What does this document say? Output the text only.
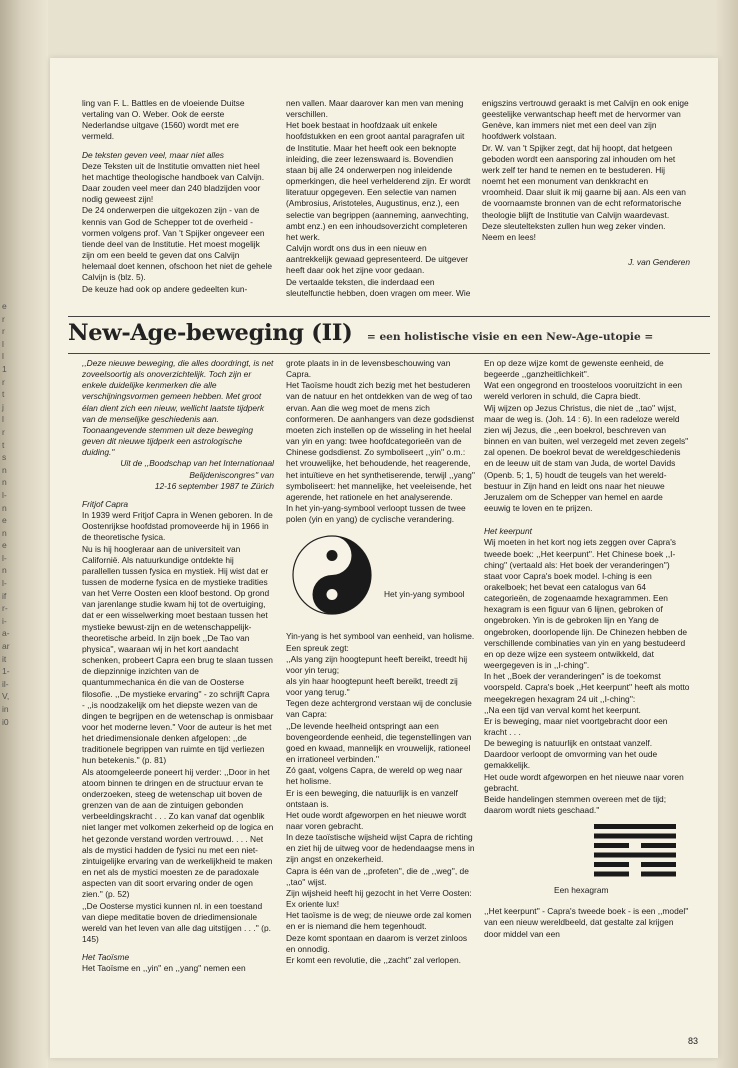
e
r
r
l
l
1
r
t
j
l
r
t
s
n
n
l-
n
e
n
e
l-
n
l-
if
r-
i-
a-
ar
it
1-
il-
V,
in
i0

ling van F. L. Battles en de vloeiende Duitse vertaling van O. Weber. Ook de eerste Nederlandse uitgave (1560) wordt met ere vermeld.

De teksten geven veel, maar niet alles

Deze Teksten uit de Institutie omvatten niet heel het machtige theologische handboek van Calvijn. Daar zouden veel meer dan 240 bladzijden voor nodig geweest zijn!

De 24 onderwerpen die uitgekozen zijn - van de kennis van God de Schepper tot de overheid - vormen volgens prof. Van 't Spijker ongeveer een tiende deel van de Institutie. Het moest mogelijk zijn om een beeld te geven dat ons Calvijn helemaal doet kennen, ofschoon het niet de gehele Calvijn is (blz. 5).

De keuze had ook op andere gedeelten kun-

nen vallen. Maar daarover kan men van mening verschillen.

Het boek bestaat in hoofdzaak uit enkele hoofdstukken en een groot aantal paragrafen uit de Institutie. Maar het heeft ook een beknopte inleiding, die zeer lezenswaard is. Bovendien staan bij alle 24 onderwerpen nog inleidende opmerkingen, die heel verhelderend zijn. Er wordt literatuur opgegeven. Een selectie van namen (Ambrosius, Aristoteles, Augustinus, enz.), een selectie van begrippen (aanneming, aanvechting, ambt enz.) en een inhoudsoverzicht completeren het werk.

Calvijn wordt ons dus in een nieuw en aantrekkelijk gewaad gepresenteerd. De uitgever heeft daar ook het zijne voor gedaan.

De vertaalde teksten, die inderdaad een sleutelfunctie hebben, doen vragen om meer. Wie

enigszins vertrouwd geraakt is met Calvijn en ook enige geestelijke verwantschap heeft met de hervormer van Genève, kan immers niet met een deel van zijn hoofdwerk volstaan.

Dr. W. van 't Spijker zegt, dat hij hoopt, dat hetgeen geboden wordt een aansporing zal inhouden om het werk zelf ter hand te nemen en te bestuderen. Hij noemt het een monument van denkkracht en vroomheid. Daar sluit ik mij gaarne bij aan. Als een van de voornaamste bronnen van de echt reformatorische theologie blijft de Institutie van Calvijn waardevast.

Deze sleutelteksten zullen hun weg zeker vinden. Neem en lees!

J. van Genderen
New-Age-beweging (II) = een holistische visie en een New-Age-utopie =

,,Deze nieuwe beweging, die alles doordringt, is net zoveelsoortig als onoverzichtelijk. Toch zijn er enkele duidelijke kenmerken die alle verschijningsvormen gemeen hebben. Met groot élan dient zich een nieuw, wellicht laatste tijdperk van de menselijke geschiedenis aan. Toonaangevende stemmen uit deze beweging geven dit nieuwe tijdperk een astrologische duiding.''

Uit de ,,Boodschap van het Internationaal Belijdeniscongres'' van

12-16 september 1987 te Zürich

Fritjof Capra

In 1939 werd Fritjof Capra in Wenen geboren. In de Oostenrijkse hoofdstad promoveerde hij in 1966 in de theoretische fysica.

Nu is hij hoogleraar aan de universiteit van Californië. Als natuurkundige ontdekte hij parallellen tussen fysica en mystiek. Hij wist dat er tussen de moderne fysica en de mystieke tradities van het Verre Oosten een kloof bestond. Op grond van jarenlange studie kwam hij tot de overtuiging, dat er een wisselwerking moet bestaan tussen het mystieke bewust-zijn en de wetenschappelijk-theoretische arbeid. In zijn boek ,,De Tao van physica'', waaraan wij in het kort aandacht schenken, probeert Capra een brug te slaan tussen de diepzinnige inzichten van de quantummechanica én die van de Oosterse filosofie. ,,De mystieke ervaring'' - zo schrijft Capra - ,,is noodzakelijk om het diepste wezen van de dingen te begrijpen en de wetenschap is onmisbaar voor het moderne leven.'' Voor de auteur is het met het driedimensionale denken afgelopen: ,,de traditionele begrippen van ruimte en tijd verliezen hun betekenis.'' (p. 81)

Als atoomgeleerde poneert hij verder: ,,Door in het atoom binnen te dringen en de structuur ervan te onderzoeken, steeg de wetenschap uit boven de grenzen van de aan de zintuigen gebonden verbeeldingskracht . . . Zo kan vanaf dat ogenblik niet langer met volkomen zekerheid op de logica en het gezonde verstand worden vertrouwd. . . . Net als de mystici hadden de fysici nu met een niet-zintuigelijke ervaring van de werkelijkheid te maken en net als de mystici moesten ze de paradoxale aspecten van dit soort ervaring onder de ogen zien.'' (p. 52)

,,De Oosterse mystici kunnen nl. in een toestand van diepe meditatie boven de driedimensionale wereld van het leven van alle dag uitstijgen . . .'' (p. 145)

Het Taoïsme

Het Taoïsme en ,,yin'' en ,,yang'' nemen een

grote plaats in in de levensbeschouwing van Capra.

Het Taoïsme houdt zich bezig met het bestuderen van de natuur en het ontdekken van de weg of tao ervan. Aan die weg moet de mens zich conformeren. De aanhangers van deze godsdienst moeten zich instellen op de wisseling in het heelal van yin en yang: twee hoofdcategorieën van de Chinese godsdienst. Zo symboliseert ,,yin'' o.m.: het vrouwelijke, het behoudende, het reagerende, het intuïtieve en het synthetiserende, terwijl ,,yang'' symboliseert: het mannelijke, het veeleisende, het agerende, het rationele en het analyserende.

In het yin-yang-symbool verloopt tussen de twee polen (yin en yang) de cyclische verandering.

Het yin-yang symbool

Yin-yang is het symbool van eenheid, van holisme. Een spreuk zegt:

,,Als yang zijn hoogtepunt heeft bereikt, treedt hij voor yin terug;

als yin haar hoogtepunt heeft bereikt, treedt zij voor yang terug.''

Tegen deze achtergrond verstaan wij de conclusie van Capra:

,,De levende heelheid ontspringt aan een bovengeordende eenheid, die tegenstellingen van goed en kwaad, mannelijk en vrouwelijk, rationeel en irrationeel verbinden.''

Zó gaat, volgens Capra, de wereld op weg naar het holisme.

Er is een beweging, die natuurlijk is en vanzelf ontstaan is.

Het oude wordt afgeworpen en het nieuwe wordt naar voren gebracht.

In deze taoïstische wijsheid wijst Capra de richting en ziet hij de uitweg voor de hedendaagse mens in zijn angst en onzekerheid.

Capra is één van de ,,profeten'', die de ,,weg'', de ,,tao'' wijst.

Zijn wijsheid heeft hij gezocht in het Verre Oosten: Ex oriente lux!

Het taoïsme is de weg; de nieuwe orde zal komen en er is niemand die hem tegenhoudt.

Deze komt spontaan en daarom is verzet zinloos en onnodig.

Er komt een revolutie, die ,,zacht'' zal verlopen.

En op deze wijze komt de gewenste eenheid, de begeerde ,,ganzheitlichkeit''.

Wat een ongegrond en troosteloos vooruitzicht in een wereld verloren in schuld, die Capra biedt.

Wij wijzen op Jezus Christus, die niet de ,,tao'' wijst, maar de weg is. (Joh. 14 : 6). In een radeloze wereld zien wij Jezus, die ,,een boekrol, beschreven van binnen en van buiten, wel verzegeld met zeven zegels'' zal openen. De boekrol bevat de wereldgeschiedenis en de leeuw uit de stam van Juda, de wortel Davids (Openb. 5; 1, 5) houdt de teugels van het wereld-bestuur in Zijn hand en leidt ons naar het nieuwe Jeruzalem om de Schepper van hemel en aarde eeuwig te loven en te prijzen.

Het keerpunt

Wij moeten in het kort nog iets zeggen over Capra's tweede boek: ,,Het keerpunt''. Het Chinese boek ,,I-ching'' (vertaald als: Het boek der veranderingen'') staat voor Capra's boek model. I-ching is een orakelboek; het bevat een catalogus van 64 categorieën, de zogenaamde hexagrammen. Een hexagram is een figuur van 6 lijnen, gebroken of ongebroken. Yin is de gebroken lijn en Yang de ongebroken, doorlopende lijn. De Chinezen hebben de verschillende combinaties van yin en yang bestudeerd en op deze wijze een systeem ontwikkeld, dat weergegeven is in ,,I-ching''.

In het ,,Boek der veranderingen'' is de toekomst voorspeld. Capra's boek ,,Het keerpunt'' heeft als motto meegekregen hexagram 24 uit ,,I-ching'':

,,Na een tijd van verval komt het keerpunt.

Er is beweging, maar niet voortgebracht door een kracht . . .

De beweging is natuurlijk en ontstaat vanzelf.

Daardoor verloopt de omvorming van het oude gemakkelijk.

Het oude wordt afgeworpen en het nieuwe naar voren gebracht.

Beide handelingen stemmen overeen met de tijd;

daarom wordt niets geschaad.''

Een hexagram

,,Het keerpunt'' - Capra's tweede boek - is een ,,model'' van een nieuw wereldbeeld, dat gestalte zal krijgen door middel van een

83
